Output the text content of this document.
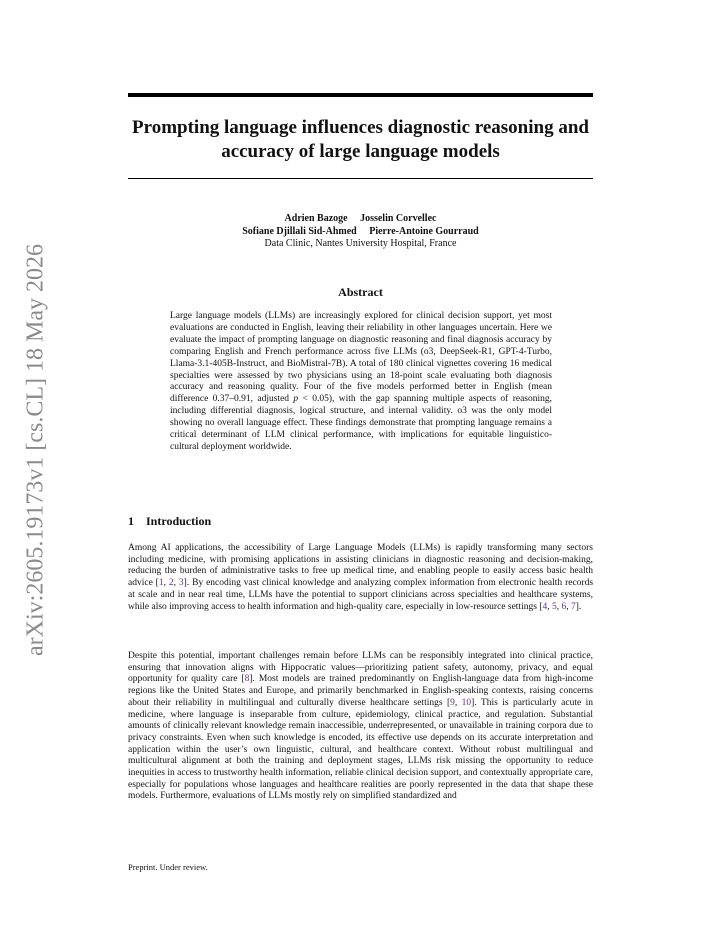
arXiv:2605.19173v1 [cs.CL] 18 May 2026
Prompting language influences diagnostic reasoning and accuracy of large language models
Adrien Bazoge Josselin Corvellec
Sofiane Djillali Sid-Ahmed Pierre-Antoine Gourraud
Data Clinic, Nantes University Hospital, France
Abstract

Large language models (LLMs) are increasingly explored for clinical decision support, yet most evaluations are conducted in English, leaving their reliability in other languages uncertain. Here we evaluate the impact of prompting language on diagnostic reasoning and final diagnosis accuracy by comparing English and French performance across five LLMs (o3, DeepSeek-R1, GPT-4-Turbo, Llama-3.1-405B-Instruct, and BioMistral-7B). A total of 180 clinical vignettes covering 16 medical specialties were assessed by two physicians using an 18-point scale evaluating both diagnosis accuracy and reasoning quality. Four of the five models performed better in English (mean difference 0.37–0.91, adjusted p < 0.05), with the gap spanning multiple aspects of reasoning, including differential diagnosis, logical structure, and internal validity. o3 was the only model showing no overall language effect. These findings demonstrate that prompting language remains a critical determinant of LLM clinical performance, with implications for equitable linguistico-cultural deployment worldwide.

1 Introduction

Among AI applications, the accessibility of Large Language Models (LLMs) is rapidly transforming many sectors including medicine, with promising applications in assisting clinicians in diagnostic reasoning and decision-making, reducing the burden of administrative tasks to free up medical time, and enabling people to easily access basic health advice [1, 2, 3]. By encoding vast clinical knowledge and analyzing complex information from electronic health records at scale and in near real time, LLMs have the potential to support clinicians across specialties and healthcare systems, while also improving access to health information and high-quality care, especially in low-resource settings [4, 5, 6, 7].

Despite this potential, important challenges remain before LLMs can be responsibly integrated into clinical practice, ensuring that innovation aligns with Hippocratic values—prioritizing patient safety, autonomy, privacy, and equal opportunity for quality care [8]. Most models are trained predominantly on English-language data from high-income regions like the United States and Europe, and primarily benchmarked in English-speaking contexts, raising concerns about their reliability in multilingual and culturally diverse healthcare settings [9, 10]. This is particularly acute in medicine, where language is inseparable from culture, epidemiology, clinical practice, and regulation. Substantial amounts of clinically relevant knowledge remain inaccessible, underrepresented, or unavailable in training corpora due to privacy constraints. Even when such knowledge is encoded, its effective use depends on its accurate interpretation and application within the user’s own linguistic, cultural, and healthcare context. Without robust multilingual and multicultural alignment at both the training and deployment stages, LLMs risk missing the opportunity to reduce inequities in access to trustworthy health information, reliable clinical decision support, and contextually appropriate care, especially for populations whose languages and healthcare realities are poorly represented in the data that shape these models. Furthermore, evaluations of LLMs mostly rely on simplified standardized and

Preprint. Under review.
